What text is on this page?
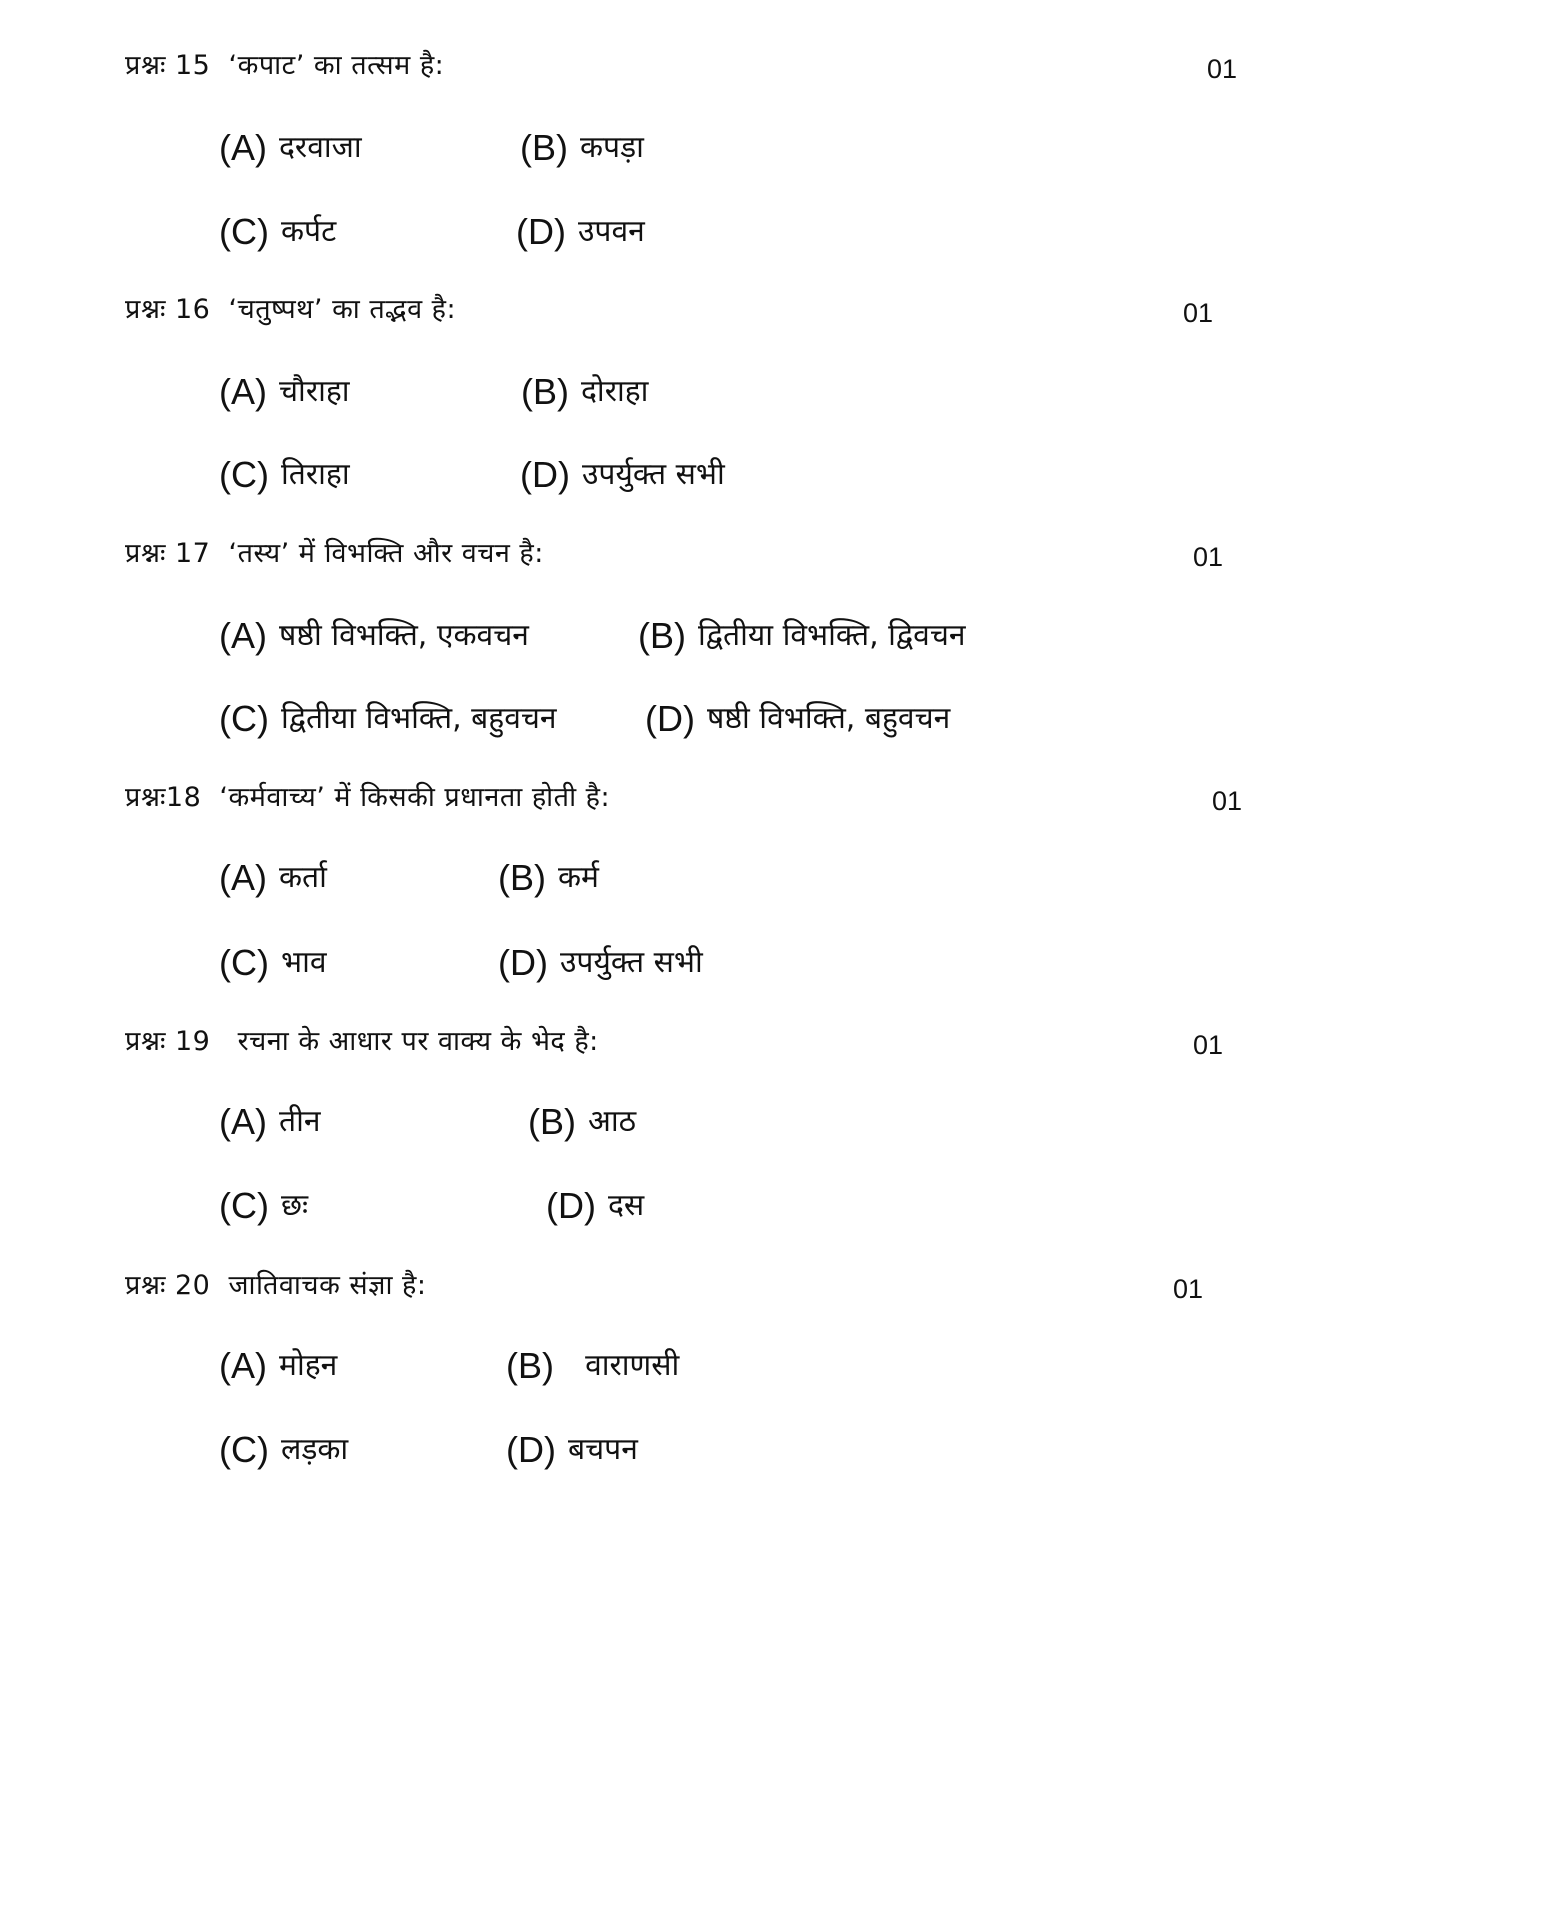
प्रश्नः 15  ‘कपाट’ का तत्सम है:	01
(A) दरवाजा	(B) कपड़ा
(C) कर्पट	(D) उपवन
प्रश्नः 16  ‘चतुष्पथ’ का तद्भव है:	01
(A) चौराहा	(B) दोराहा
(C) तिराहा	(D) उपर्युक्त सभी
प्रश्नः 17  ‘तस्य’ में विभक्ति और वचन है:	01
(A) षष्ठी विभक्ति, एकवचन	(B) द्वितीया विभक्ति, द्विवचन
(C) द्वितीया विभक्ति, बहुवचन (D) षष्ठी विभक्ति, बहुवचन
प्रश्नः18  ‘कर्मवाच्य’ में किसकी प्रधानता होती है:	01
(A) कर्ता	(B) कर्म
(C) भाव	(D) उपर्युक्त सभी
प्रश्नः 19   रचना के आधार पर वाक्य के भेद है:	01
(A) तीन	(B) आठ
(C) छः	(D) दस
प्रश्नः 20  जातिवाचक संज्ञा है:	01
(A) मोहन	(B) वाराणसी
(C) लड़का	(D) बचपन
